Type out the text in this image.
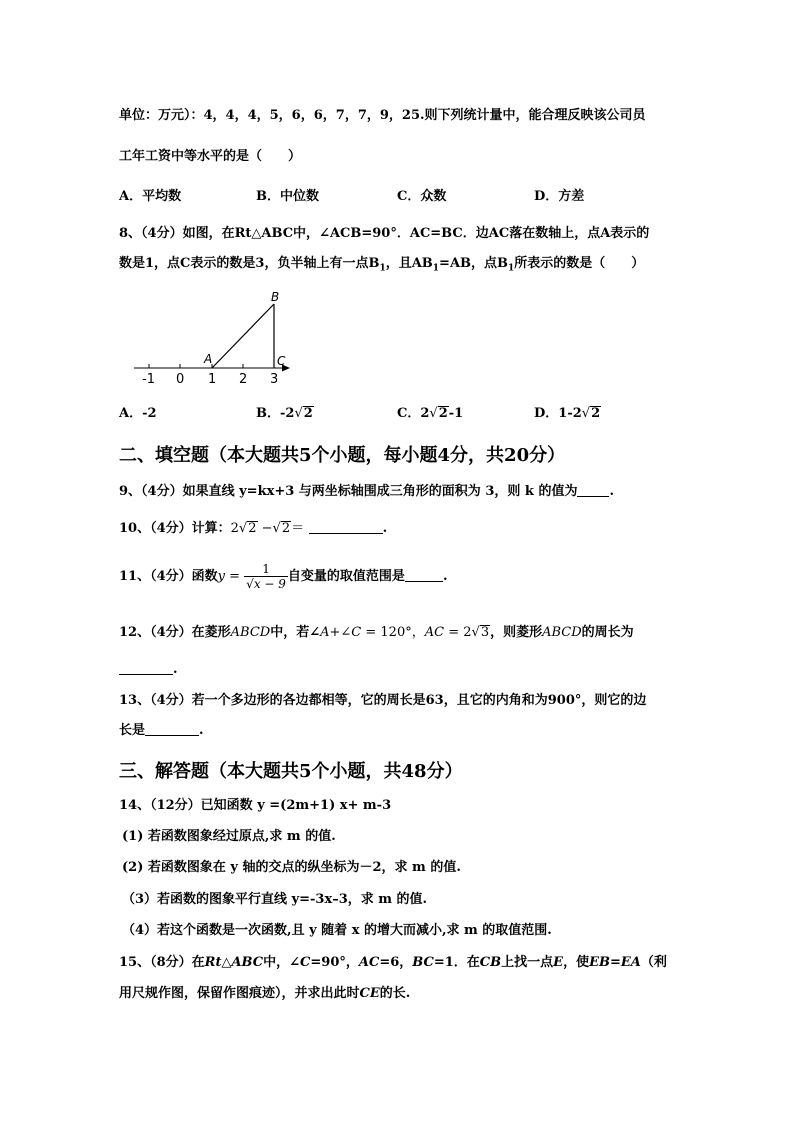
单位：万元）：4，4，4，5，6，6，7，7，9，25.则下列统计量中，能合理反映该公司员
工年工资中等水平的是（ ）
A．平均数	B．中位数	C．众数	D．方差
8、（4分）如图，在Rt△ABC中，∠ACB=90°．AC=BC．边AC落在数轴上，点A表示的
数是1，点C表示的数是3，负半轴上有一点$B_1$，且$AB_1=AB$，点$B_1$所表示的数是（ ）
B
A	C
-1 0 1 2 3
A．-2	B．-2√2	C．2√2-1	D．1-2√2
二、填空题（本大题共5个小题，每小题4分，共20分）
9、（4分）如果直线 y=kx+3 与两坐标轴围成三角形的面积为 3，则 k 的值为 .
10、（4分）计算：2√2 −√2＝	.
11、（4分）函数$y = \frac{1}{√x - 9}$ 自变量的取值范围是	.
12、（4分）在菱形ABCD中，若∠A+∠C = 120°，AC = 2√3，则菱形ABCD的周长为
.
13、（4分）若一个多边形的各边都相等，它的周长是63，且它的内角和为900°，则它的边
长是	.
三、解答题（本大题共5个小题，共48分）
14、（12分）已知函数 y =(2m+1) x+ m-3
(1) 若函数图象经过原点,求 m 的值.
(2) 若函数图象在 y 轴的交点的纵坐标为－2，求 m 的值.
（3）若函数的图象平行直线 y=-3x–3，求 m 的值.
（4）若这个函数是一次函数,且 y 随着 x 的增大而减小,求 m 的取值范围.
15、（8分）在Rt△ABC中，∠C=90°，AC=6，BC=1．在CB上找一点E，使EB=EA（利
用尺规作图，保留作图痕迹），并求出此时CE的长.
